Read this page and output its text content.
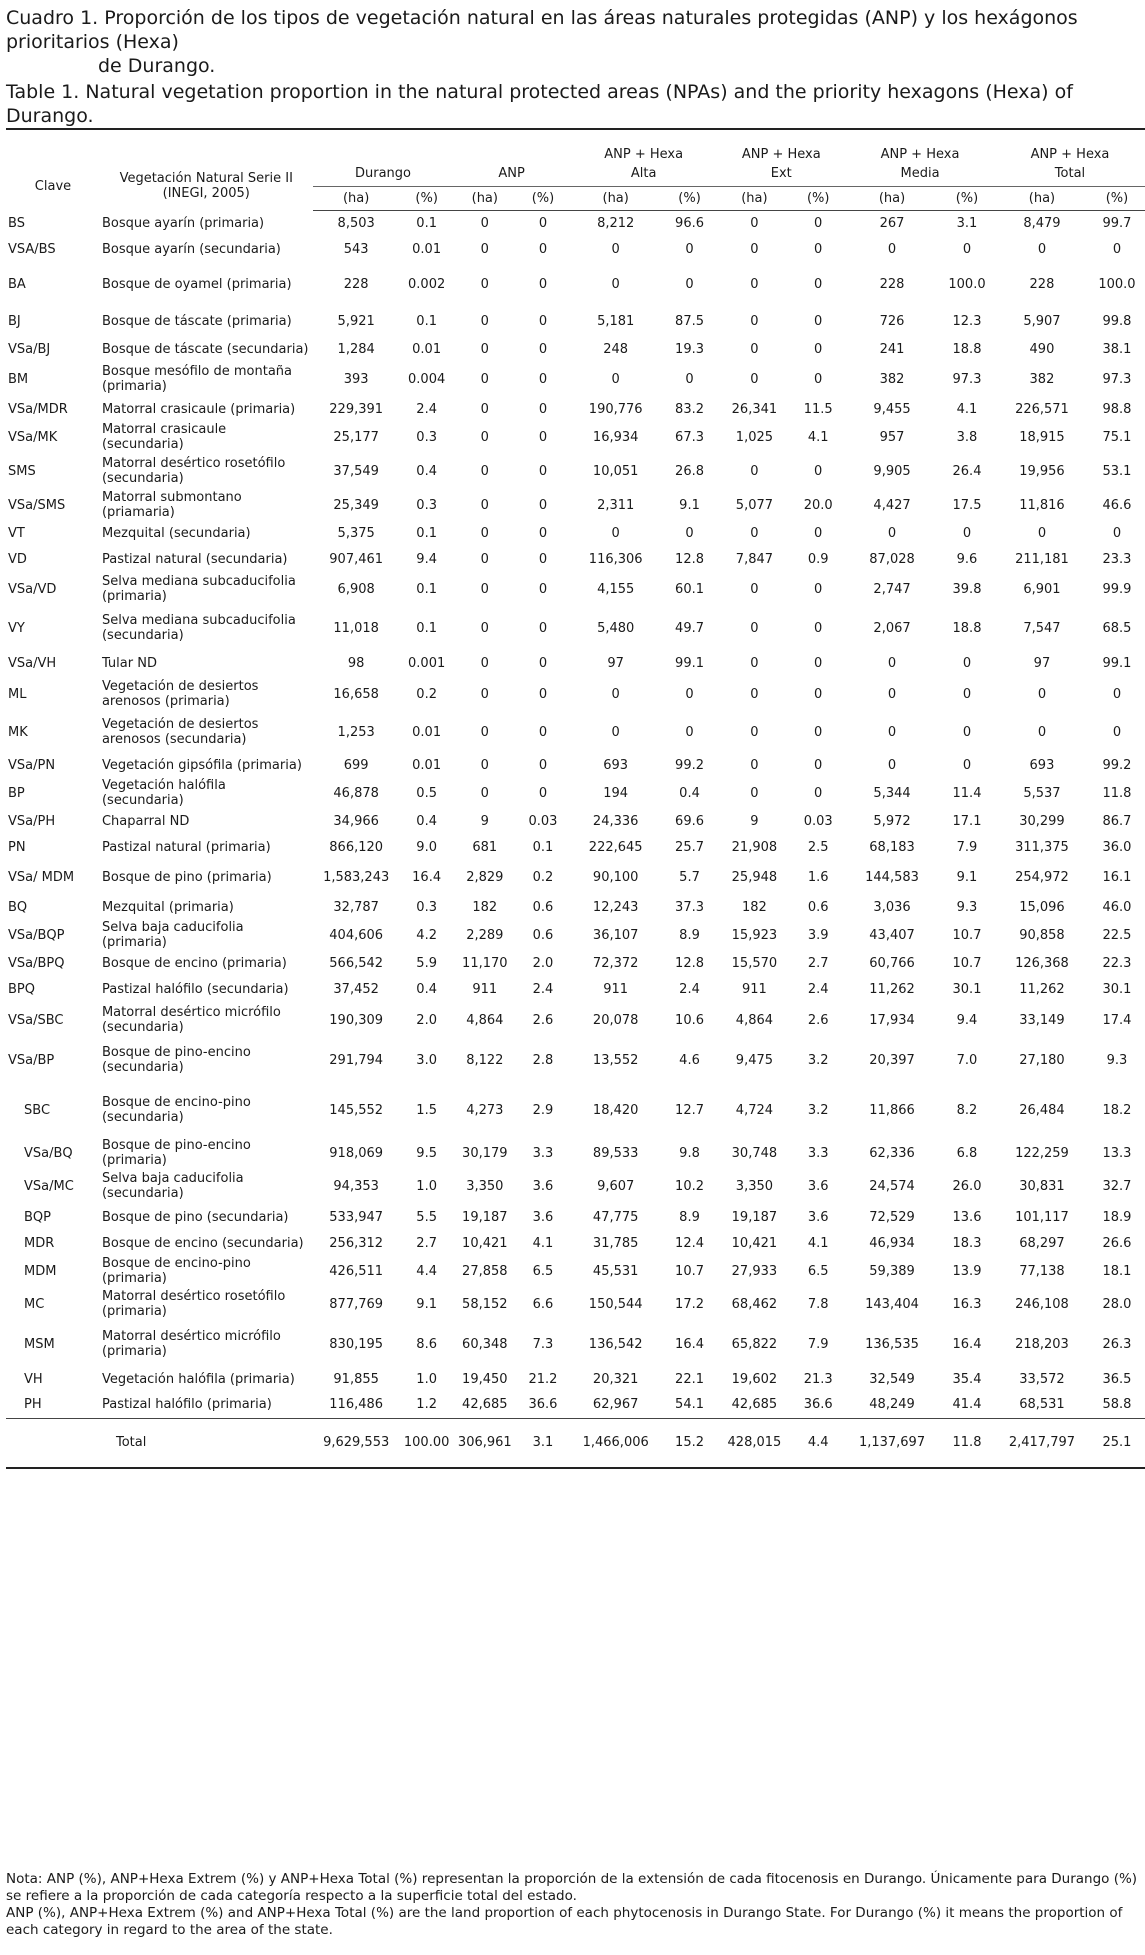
Cuadro 1. Proporción de los tipos de vegetación natural en las áreas naturales protegidas (ANP) y los hexágonos prioritarios (Hexa)
de Durango.
Table 1. Natural vegetation proportion in the natural protected areas (NPAs) and the priority hexagons (Hexa) of Durango.
						ANP + Hexa		ANP + Hexa		ANP + Hexa		ANP + Hexa	
Clave	Vegetación Natural Serie II
(INEGI, 2005)	Durango		ANP		Alta		Ext		Media		Total	
		(ha)	(%)	(ha)	(%)	(ha)	(%)	(ha)	(%)	(ha)	(%)	(ha)	(%)
BS	Bosque ayarín (primaria)	8,503	0.1	0	0	8,212	96.6	0	0	267	3.1	8,479	99.7
VSA/BS	Bosque ayarín (secundaria)	543	0.01	0	0	0	0	0	0	0	0	0	0
BA	Bosque de oyamel (primaria)	228	0.002	0	0	0	0	0	0	228	100.0	228	100.0
BJ	Bosque de táscate (primaria)	5,921	0.1	0	0	5,181	87.5	0	0	726	12.3	5,907	99.8
VSa/BJ	Bosque de táscate (secundaria)	1,284	0.01	0	0	248	19.3	0	0	241	18.8	490	38.1
BM	Bosque mesófilo de montaña (primaria)	393	0.004	0	0	0	0	0	0	382	97.3	382	97.3
VSa/MDR	Matorral crasicaule (primaria)	229,391	2.4	0	0	190,776	83.2	26,341	11.5	9,455	4.1	226,571	98.8
VSa/MK	Matorral crasicaule (secundaria)	25,177	0.3	0	0	16,934	67.3	1,025	4.1	957	3.8	18,915	75.1
SMS	Matorral desértico rosetófilo (secundaria)	37,549	0.4	0	0	10,051	26.8	0	0	9,905	26.4	19,956	53.1
VSa/SMS	Matorral submontano (priamaria)	25,349	0.3	0	0	2,311	9.1	5,077	20.0	4,427	17.5	11,816	46.6
VT	Mezquital (secundaria)	5,375	0.1	0	0	0	0	0	0	0	0	0	0
VD	Pastizal natural (secundaria)	907,461	9.4	0	0	116,306	12.8	7,847	0.9	87,028	9.6	211,181	23.3
VSa/VD	Selva mediana subcaducifolia (primaria)	6,908	0.1	0	0	4,155	60.1	0	0	2,747	39.8	6,901	99.9
VY	Selva mediana subcaducifolia (secundaria)	11,018	0.1	0	0	5,480	49.7	0	0	2,067	18.8	7,547	68.5
VSa/VH	Tular ND	98	0.001	0	0	97	99.1	0	0	0	0	97	99.1
ML	Vegetación de desiertos arenosos (primaria)	16,658	0.2	0	0	0	0	0	0	0	0	0	0
MK	Vegetación de desiertos arenosos (secundaria)	1,253	0.01	0	0	0	0	0	0	0	0	0	0
VSa/PN	Vegetación gipsófila (primaria)	699	0.01	0	0	693	99.2	0	0	0	0	693	99.2
BP	Vegetación halófila (secundaria)	46,878	0.5	0	0	194	0.4	0	0	5,344	11.4	5,537	11.8
VSa/PH	Chaparral ND	34,966	0.4	9	0.03	24,336	69.6	9	0.03	5,972	17.1	30,299	86.7
PN	Pastizal natural (primaria)	866,120	9.0	681	0.1	222,645	25.7	21,908	2.5	68,183	7.9	311,375	36.0
VSa/ MDM	Bosque de pino (primaria)	1,583,243	16.4	2,829	0.2	90,100	5.7	25,948	1.6	144,583	9.1	254,972	16.1
BQ	Mezquital (primaria)	32,787	0.3	182	0.6	12,243	37.3	182	0.6	3,036	9.3	15,096	46.0
VSa/BQP	Selva baja caducifolia (primaria)	404,606	4.2	2,289	0.6	36,107	8.9	15,923	3.9	43,407	10.7	90,858	22.5
VSa/BPQ	Bosque de encino (primaria)	566,542	5.9	11,170	2.0	72,372	12.8	15,570	2.7	60,766	10.7	126,368	22.3
BPQ	Pastizal halófilo (secundaria)	37,452	0.4	911	2.4	911	2.4	911	2.4	11,262	30.1	11,262	30.1
VSa/SBC	Matorral desértico micrófilo (secundaria)	190,309	2.0	4,864	2.6	20,078	10.6	4,864	2.6	17,934	9.4	33,149	17.4
VSa/BP	Bosque de pino-encino (secundaria)	291,794	3.0	8,122	2.8	13,552	4.6	9,475	3.2	20,397	7.0	27,180	9.3
SBC	Bosque de encino-pino (secundaria)	145,552	1.5	4,273	2.9	18,420	12.7	4,724	3.2	11,866	8.2	26,484	18.2
VSa/BQ	Bosque de pino-encino (primaria)	918,069	9.5	30,179	3.3	89,533	9.8	30,748	3.3	62,336	6.8	122,259	13.3
VSa/MC	Selva baja caducifolia (secundaria)	94,353	1.0	3,350	3.6	9,607	10.2	3,350	3.6	24,574	26.0	30,831	32.7
BQP	Bosque de pino (secundaria)	533,947	5.5	19,187	3.6	47,775	8.9	19,187	3.6	72,529	13.6	101,117	18.9
MDR	Bosque de encino (secundaria)	256,312	2.7	10,421	4.1	31,785	12.4	10,421	4.1	46,934	18.3	68,297	26.6
MDM	Bosque de encino-pino (primaria)	426,511	4.4	27,858	6.5	45,531	10.7	27,933	6.5	59,389	13.9	77,138	18.1
MC	Matorral desértico rosetófilo (primaria)	877,769	9.1	58,152	6.6	150,544	17.2	68,462	7.8	143,404	16.3	246,108	28.0
MSM	Matorral desértico micrófilo (primaria)	830,195	8.6	60,348	7.3	136,542	16.4	65,822	7.9	136,535	16.4	218,203	26.3
VH	Vegetación halófila (primaria)	91,855	1.0	19,450	21.2	20,321	22.1	19,602	21.3	32,549	35.4	33,572	36.5
PH	Pastizal halófilo (primaria)	116,486	1.2	42,685	36.6	62,967	54.1	42,685	36.6	48,249	41.4	68,531	58.8
	Total	9,629,553	100.00	306,961	3.1	1,466,006	15.2	428,015	4.4	1,137,697	11.8	2,417,797	25.1
Nota: ANP (%), ANP+Hexa Extrem (%) y ANP+Hexa Total (%) representan la proporción de la extensión de cada fitocenosis en Durango. Únicamente para Durango (%) se refiere a la proporción de cada categoría respecto a la superficie total del estado.
ANP (%), ANP+Hexa Extrem (%) and ANP+Hexa Total (%) are the land proportion of each phytocenosis in Durango State. For Durango (%) it means the proportion of each category in regard to the area of the state.
